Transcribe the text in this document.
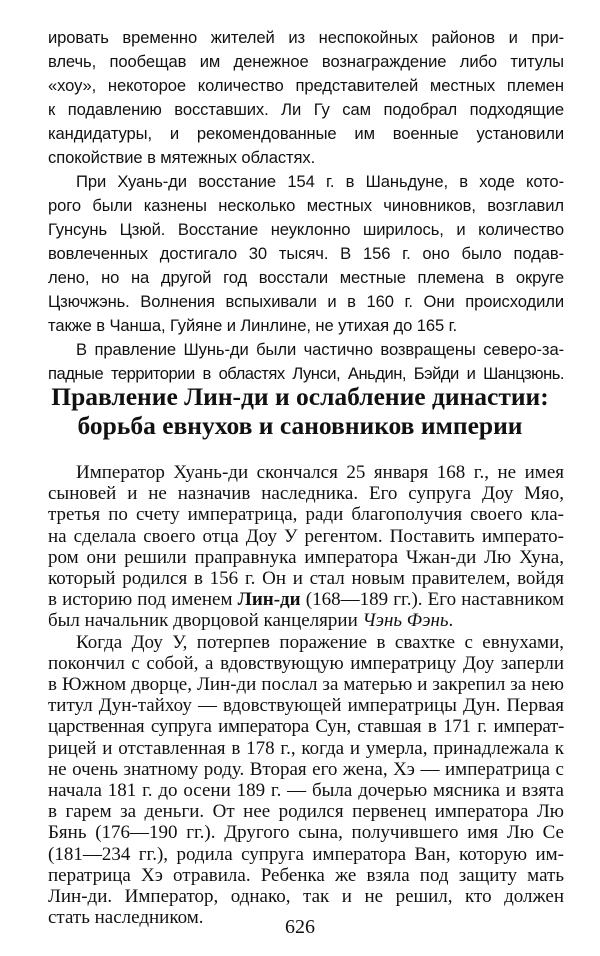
ировать временно жителей из неспокойных районов и при-

влечь, пообещав им денежное вознаграждение либо титулы

«хоу», некоторое количество представителей местных племен

к подавлению восставших. Ли Гу сам подобрал подходящие

кандидатуры, и рекомендованные им военные установили

спокойствие в мятежных областях.

При Хуань-ди восстание 154 г. в Шаньдуне, в ходе кото-

рого были казнены несколько местных чиновников, возглавил

Гунсунь Цзюй. Восстание неуклонно ширилось, и количество

вовлеченных достигало 30 тысяч. В 156 г. оно было подав-

лено, но на другой год восстали местные племена в округе

Цзючжэнь. Волнения вспыхивали и в 160 г. Они происходили

также в Чанша, Гуйяне и Линлине, не утихая до 165 г.

В правление Шунь-ди были частично возвращены северо-за-

падные территории в областях Лунси, Аньдин, Бэйди и Шанцзюнь.

Правление Лин-ди и ослабление династии:
борьба евнухов и сановников империи

Император Хуань-ди скончался 25 января 168 г., не имея

сыновей и не назначив наследника. Его супруга Доу Мяо,

третья по счету императрица, ради благополучия своего кла-

на сделала своего отца Доу У регентом. Поставить императо-

ром они решили праправнука императора Чжан-ди Лю Хуна,

который родился в 156 г. Он и стал новым правителем, войдя

в историю под именем Лин-ди (168—189 гг.). Его наставником

был начальник дворцовой канцелярии Чэнь Фэнь.

Когда Доу У, потерпев поражение в свахтке с евнухами,

покончил с собой, а вдовствующую императрицу Доу заперли

в Южном дворце, Лин-ди послал за матерью и закрепил за нею

титул Дун-тайхоу — вдовствующей императрицы Дун. Первая

царственная супруга императора Сун, ставшая в 171 г. императ-

рицей и отставленная в 178 г., когда и умерла, принадлежала к

не очень знатному роду. Вторая его жена, Хэ — императрица с

начала 181 г. до осени 189 г. — была дочерью мясника и взята

в гарем за деньги. От нее родился первенец императора Лю

Бянь (176—190 гг.). Другого сына, получившего имя Лю Се

(181—234 гг.), родила супруга императора Ван, которую им-

ператрица Хэ отравила. Ребенка же взяла под защиту мать

Лин-ди. Император, однако, так и не решил, кто должен

стать наследником.	626
